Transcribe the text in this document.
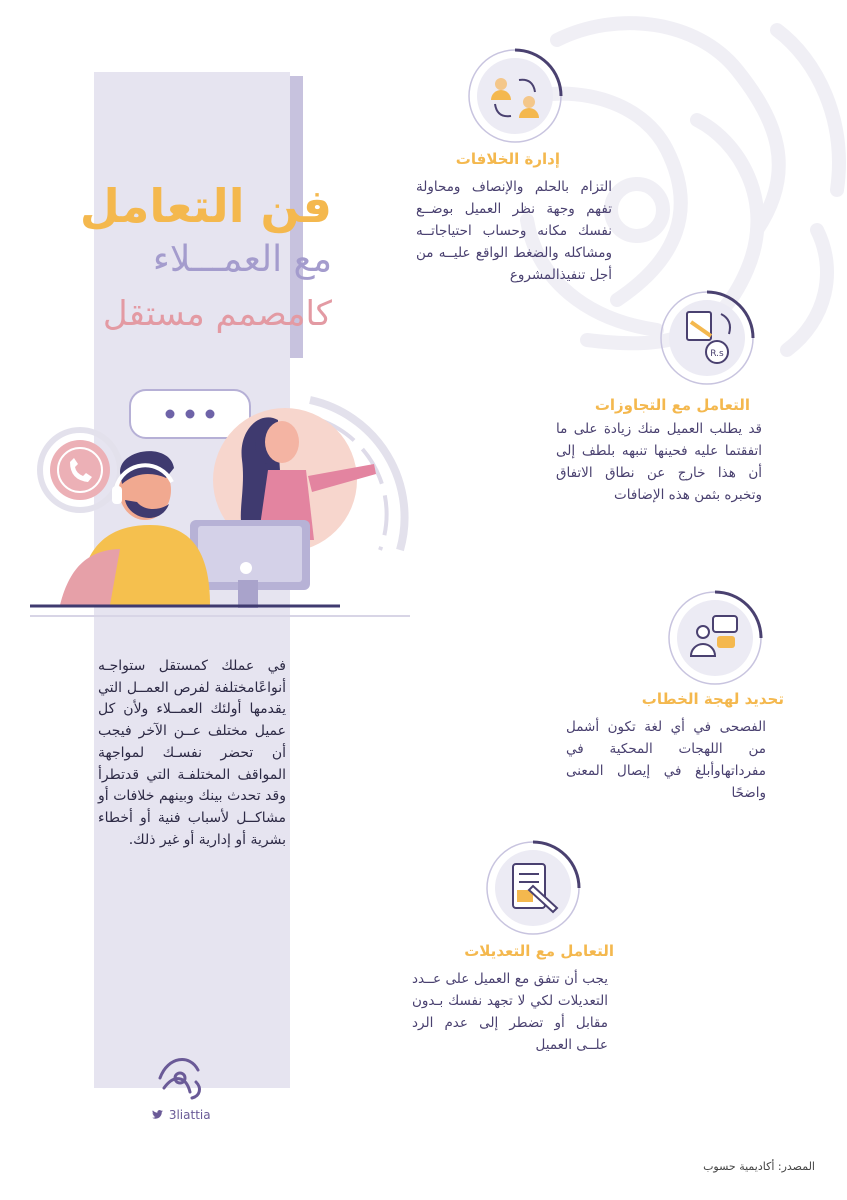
فن التعامل
مع العمـــلاء
كامصمم مستقل
في عملك كمستقل ستواجـه أنواعًامختلفة لفرص العمــل التي يقدمها أولئك العمــلاء ولأن كل عميل مختلف عــن الآخر فيجب أن تحضر نفسـك لمواجهة المواقف المختلفـة التي قدتطرأ وقد تحدث بينك وبينهم خلافات أو مشاكــل لأسباب فنية أو أخطاء بشرية أو إدارية أو غير ذلك.
إدارة الخلافات
التزام بالحلم والإنصاف ومحاولة تفهم وجهة نظر العميل بوضــع نفسك مكانه وحساب احتياجاتــه ومشاكله والضغط الواقع عليــه من أجل تنفيذالمشروع
R.s
التعامل مع التجاوزات
قد يطلب العميل منك زيادة على ما اتفقتما عليه فحينها تنبهه بلطف إلى أن هذا خارج عن نطاق الاتفاق وتخبره بثمن هذه الإضافات
تحديد لهجة الخطاب
الفصحى في أي لغة تكون أشمل من اللهجات المحكية في مفرداتهاوأبلغ في إيصال المعنى واضحًا
التعامل مع التعديلات
يجب أن تتفق مع العميل على عــدد التعديلات لكي لا تجهد نفسك بـدون مقابل أو تضطر إلى عدم الرد علــى العميل
3liattia
المصدر: أكاديمية حسوب
